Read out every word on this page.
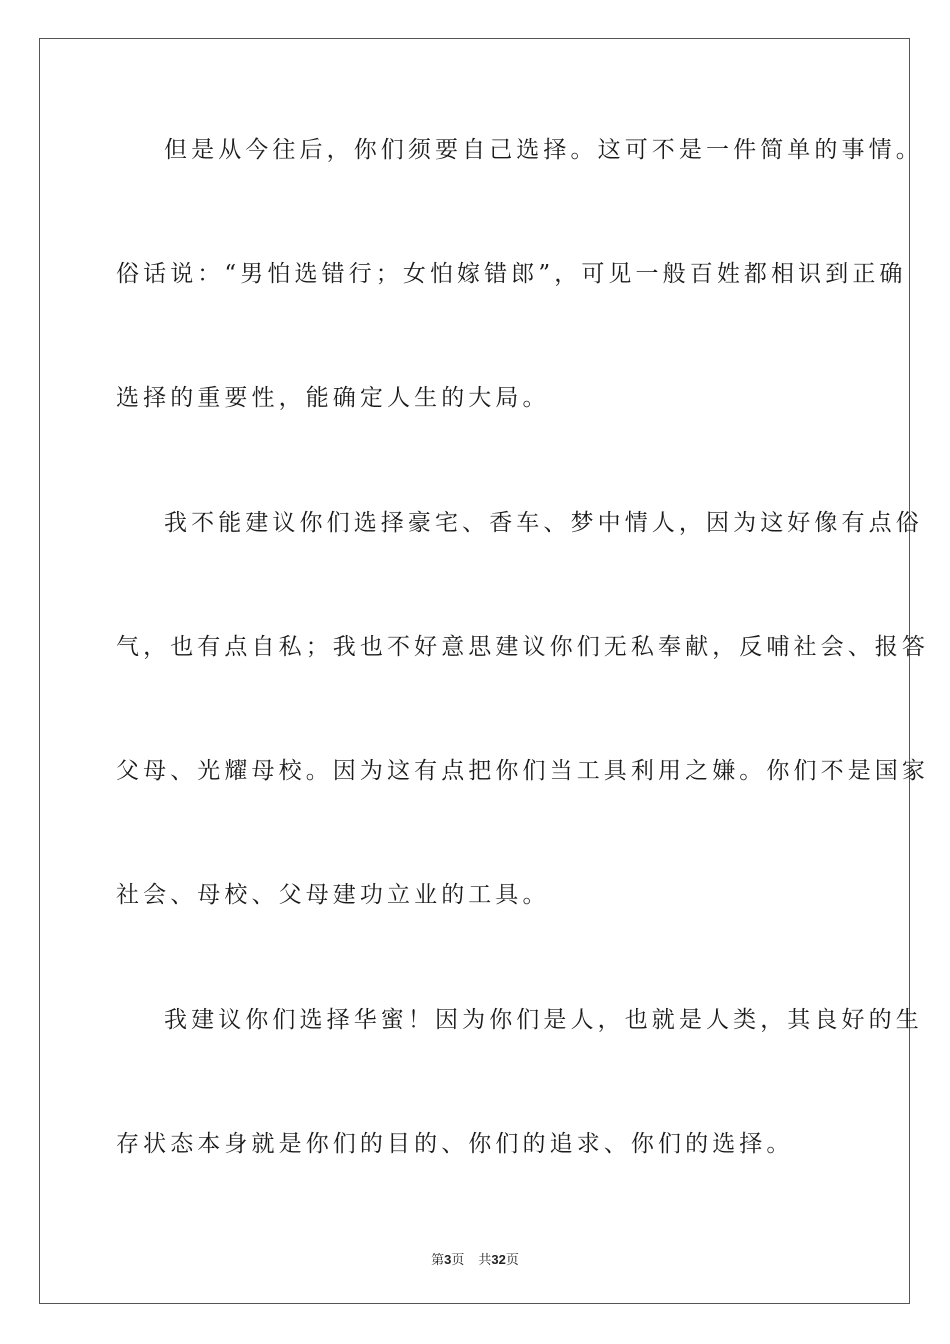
但是从今往后，你们须要自己选择。这可不是一件简单的事情。
俗话说：“男怕选错行；女怕嫁错郎”，可见一般百姓都相识到正确
选择的重要性，能确定人生的大局。
我不能建议你们选择豪宅、香车、梦中情人，因为这好像有点俗
气，也有点自私；我也不好意思建议你们无私奉献，反哺社会、报答
父母、光耀母校。因为这有点把你们当工具利用之嫌。你们不是国家
社会、母校、父母建功立业的工具。
我建议你们选择华蜜！因为你们是人，也就是人类，其良好的生
存状态本身就是你们的目的、你们的追求、你们的选择。
第3页 共32页
